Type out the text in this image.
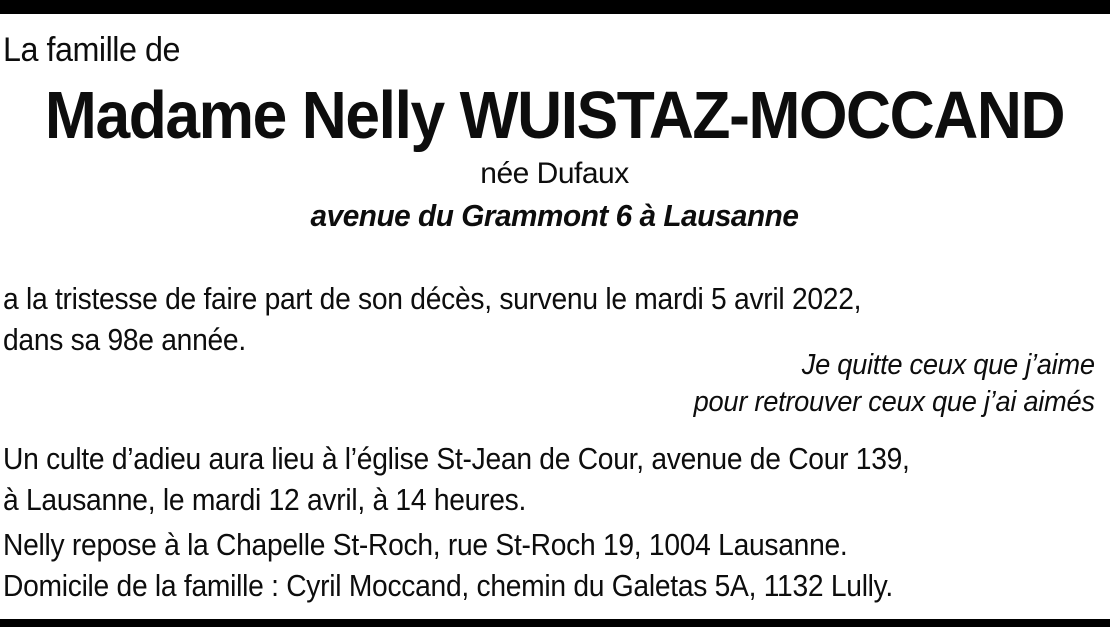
La famille de
Madame Nelly WUISTAZ-MOCCAND
née Dufaux
avenue du Grammont 6 à Lausanne
a la tristesse de faire part de son décès, survenu le mardi 5 avril 2022,
dans sa 98e année.
Je quitte ceux que j’aime
pour retrouver ceux que j’ai aimés
Un culte d’adieu aura lieu à l’église St-Jean de Cour, avenue de Cour 139,
à Lausanne, le mardi 12 avril, à 14 heures.
Nelly repose à la Chapelle St-Roch, rue St-Roch 19, 1004 Lausanne.
Domicile de la famille : Cyril Moccand, chemin du Galetas 5A, 1132 Lully.
